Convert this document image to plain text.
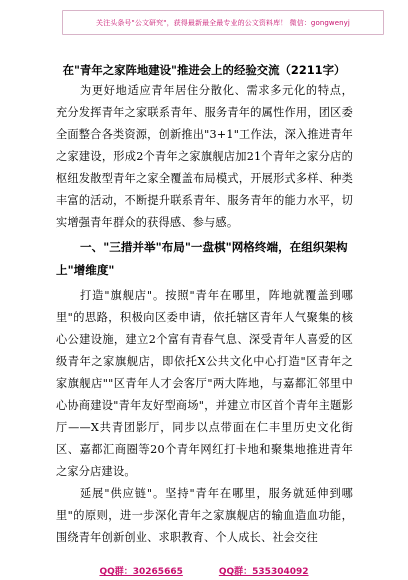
关注头条号"公文研究"，获得最新最全最专业的公文资料库！ 微信：gongwenyj
在"青年之家阵地建设"推进会上的经验交流（2211字）

为更好地适应青年居住分散化、需求多元化的特点，充分发挥青年之家联系青年、服务青年的属性作用，团区委全面整合各类资源，创新推出"3+1"工作法，深入推进青年之家建设，形成2个青年之家旗舰店加21个青年之家分店的枢纽发散型青年之家全覆盖布局模式，开展形式多样、种类丰富的活动，不断提升联系青年、服务青年的能力水平，切实增强青年群众的获得感、参与感。

一、"三措并举"布局"一盘棋"网格终端，在组织架构上"增维度"

打造"旗舰店"。按照"青年在哪里，阵地就覆盖到哪里"的思路，积极向区委申请，依托辖区青年人气聚集的核心公建设施，建立2个富有青春气息、深受青年人喜爱的区级青年之家旗舰店，即依托X公共文化中心打造"区青年之家旗舰店""区青年人才会客厅"两大阵地，与嘉都汇邻里中心协商建设"青年友好型商场"，并建立市区首个青年主题影厅——X共青团影厅，同步以点带面在仁丰里历史文化街区、嘉都汇商圈等20个青年网红打卡地和聚集地推进青年之家分店建设。

延展"供应链"。坚持"青年在哪里，服务就延伸到哪里"的原则，进一步深化青年之家旗舰店的输血造血功能，围绕青年创新创业、求职教育、个人成长、社会交往

QQ群：30265665	QQ群：535304092
